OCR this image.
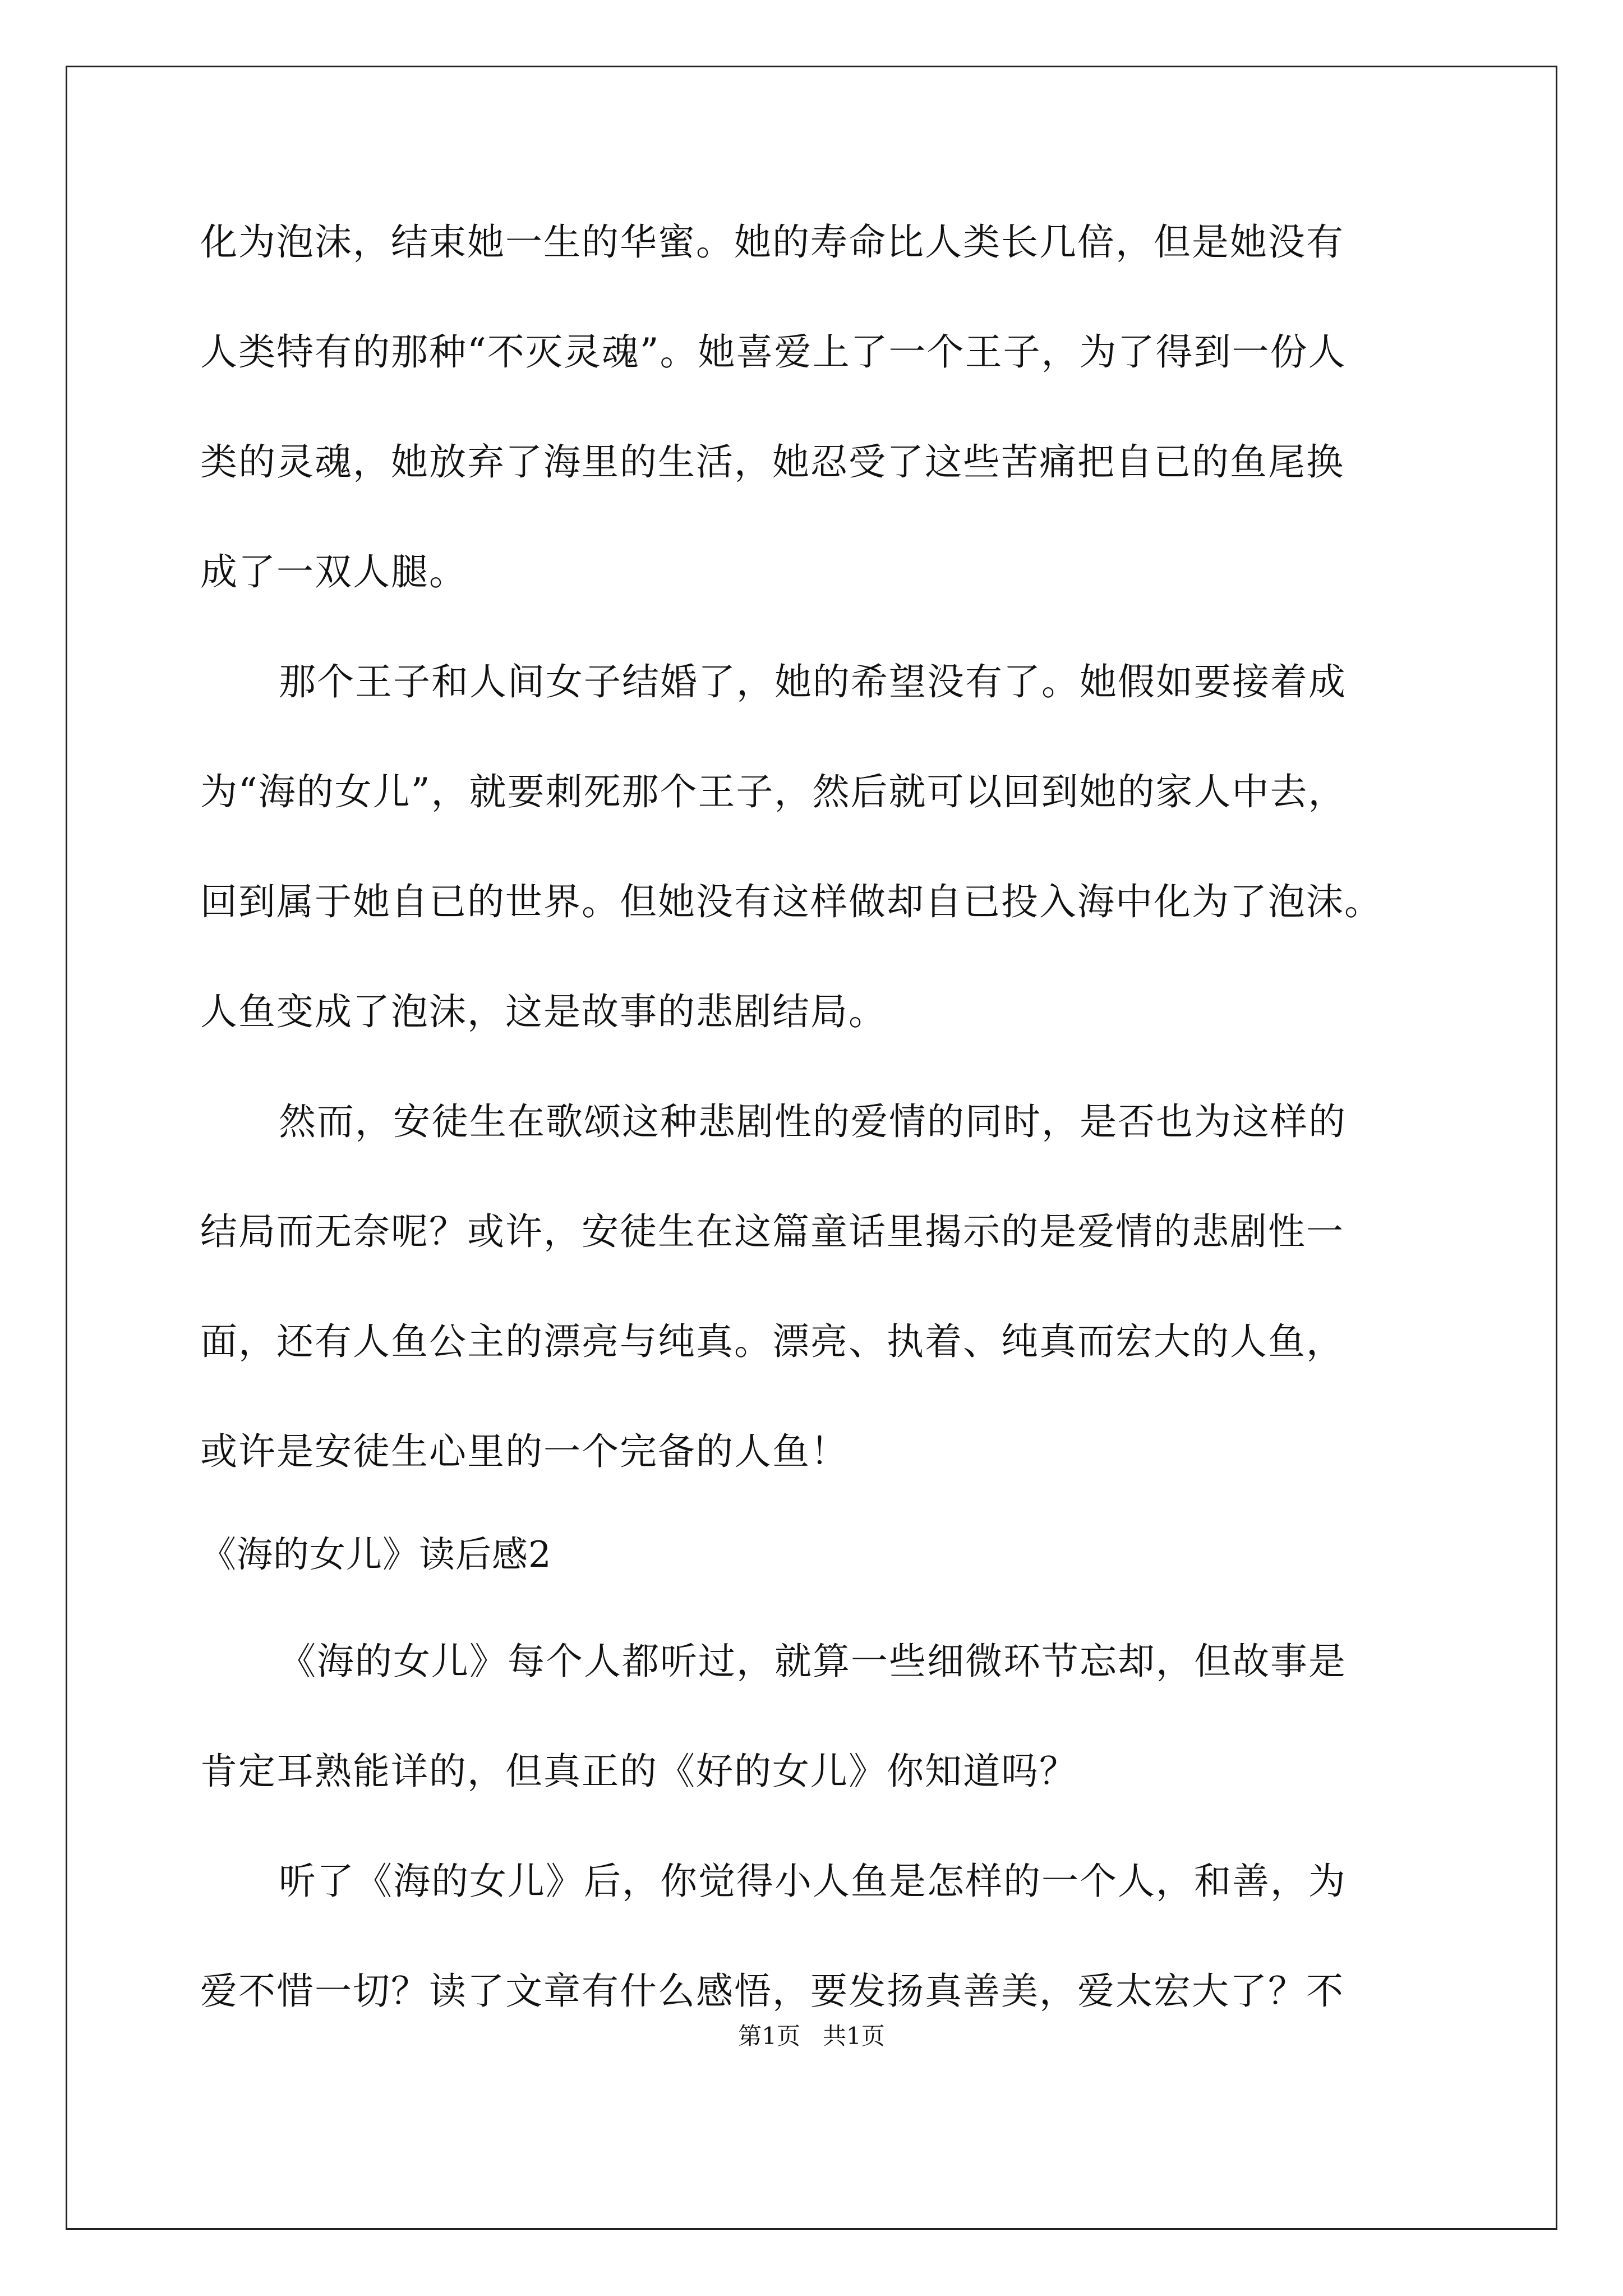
化为泡沫，结束她一生的华蜜。她的寿命比人类长几倍，但是她没有
人类特有的那种“不灭灵魂”。她喜爱上了一个王子，为了得到一份人
类的灵魂，她放弃了海里的生活，她忍受了这些苦痛把自已的鱼尾换
成了一双人腿。
那个王子和人间女子结婚了，她的希望没有了。她假如要接着成
为“海的女儿”，就要刺死那个王子，然后就可以回到她的家人中去，
回到属于她自已的世界。但她没有这样做却自已投入海中化为了泡沫。
人鱼变成了泡沫，这是故事的悲剧结局。
然而，安徒生在歌颂这种悲剧性的爱情的同时，是否也为这样的
结局而无奈呢？或许，安徒生在这篇童话里揭示的是爱情的悲剧性一
面，还有人鱼公主的漂亮与纯真。漂亮、执着、纯真而宏大的人鱼，
或许是安徒生心里的一个完备的人鱼！
《海的女儿》读后感2
《海的女儿》每个人都听过，就算一些细微环节忘却，但故事是
肯定耳熟能详的，但真正的《好的女儿》你知道吗？
听了《海的女儿》后，你觉得小人鱼是怎样的一个人，和善，为
爱不惜一切？读了文章有什么感悟，要发扬真善美，爱太宏大了？不
第1页   共1页
